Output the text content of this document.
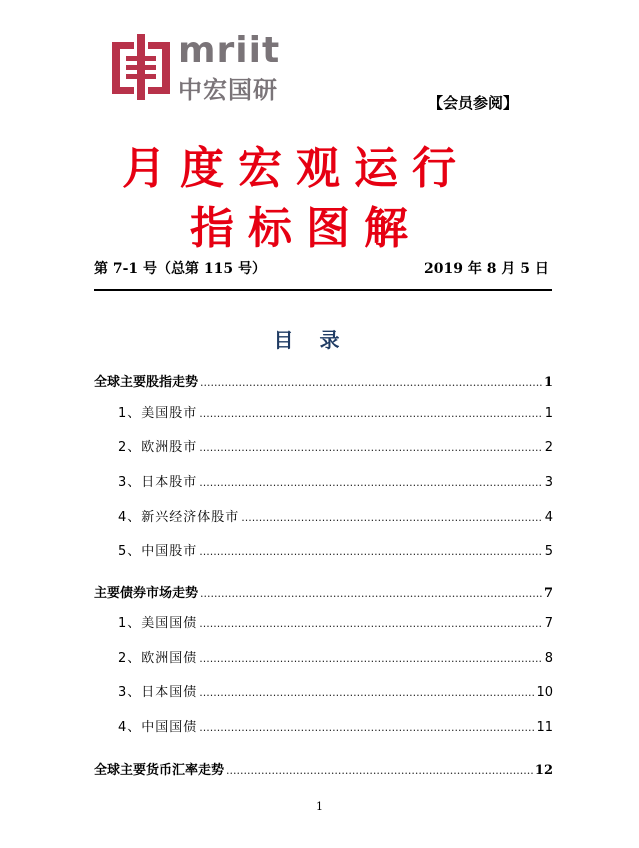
mriit
中宏国研	【会员参阅】
月度宏观运行
指标图解
第 7-1 号（总第 115 号）	2019 年 8 月 5 日
目录
全球主要股指走势 .....	1
1、美国股市 .....	1
2、欧洲股市 .....	2
3、日本股市 .....	3
4、新兴经济体股市 .....	4
5、中国股市 .....	5
主要债券市场走势 .....	7
1、美国国债 .....	7
2、欧洲国债 .....	8
3、日本国债 .....	10
4、中国国债 .....	11
全球主要货币汇率走势 .....	12
1
